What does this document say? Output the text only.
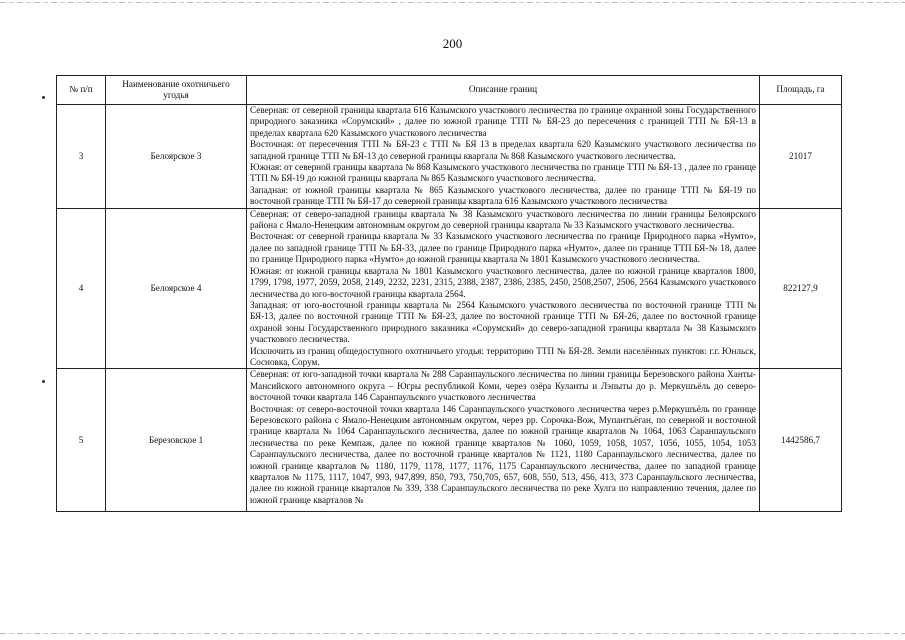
200
№ п/п	Наименование охотничьего угодья	Описание границ	Площадь, га
3	Белоярское 3	Северная: от северной границы квартала 616 Казымского участкового лесничества по границе охранной зоны Государственного природного заказника «Сорумский» , далее по южной границе ТТП № БЯ-23 до пересечения с границей ТТП № БЯ-13 в пределах квартала 620 Казымского участкового лесничества

Восточная: от пересечения ТТП № БЯ-23 с ТТП № БЯ 13 в пределах квартала 620 Казымского участкового лесничества по западной границе ТТП № БЯ-13 до северной границы квартала № 868 Казымского участкового лесничества.

Южная: от северной границы квартала № 868 Казымского участкового лесничества по границе ТТП № БЯ-13 , далее по границе ТТП № БЯ-19 до южной границы квартала № 865 Казымского участкового лесничества.

Западная: от южной границы квартала № 865 Казымского участкового лесничества, далее по границе ТТП № БЯ-19 по восточной границе ТТП № БЯ-17 до северной границы квартала 616 Казымского участкового лесничества	21017
4	Белоярское 4	Северная: от северо-западной границы квартала № 38 Казымского участкового лесничества по линии границы Белоярского района с Ямало-Ненецким автономным округом до северной границы квартала № 33 Казымского участкового лесничества.

Восточная: от северной границы квартала № 33 Казымского участкового лесничества по границе Природного парка «Нумто», далее по западной границе ТТП № БЯ-33, далее по границе Природного парка «Нумто», далее по границе ТТП БЯ-№ 18, далее по границе Природного парка «Нумто» до южной границы квартала № 1801 Казымского участкового лесничества.

Южная: от южной границы квартала № 1801 Казымского участкового лесничества, далее по южной границе кварталов 1800, 1799, 1798, 1977, 2059, 2058, 2149, 2232, 2231, 2315, 2388, 2387, 2386, 2385, 2450, 2508,2507, 2506, 2564 Казымского участкового лесничества до юго-восточной границы квартала 2564.

Западная: от юго-восточной границы квартала № 2564 Казымского участкового лесничества по восточной границе ТТП № БЯ-13, далее по восточной границе ТТП № БЯ-23, далее по восточной границе ТТП № БЯ-26, далее по восточной границе охраной зоны Государственного природного заказника «Сорумский» до северо-западной границы квартала № 38 Казымского участкового лесничества.

Исключить из границ общедоступного охотничьего угодья: территорию ТТП № БЯ-28. Земли населённых пунктов: г.г. Юнльск, Сосновка, Сорум.	822127,9
5	Березовское 1	Северная: от юго-западной точки квартала № 288 Саранпаульского лесничества по линии границы Березовского района Ханты-Мансийского автономного округа – Югры республикой Коми, через озёра Куланты и Лэпыты до р. Меркушъёль до северо-восточной точки квартала 146 Саранпаульского участкового лесничества

Восточная: от северо-восточной точки квартала 146 Саранпаульского участкового лесничества через р.Меркушъёль по границе Березовского района с Ямало-Ненецким автономным округом, через рр. Сорочка-Вож, Мупантъёган, по северной и восточной границе квартала № 1064 Саранпаульского лесничества, далее по южной границе кварталов № 1064, 1063 Саранпаульского лесничества по реке Кемпаж, далее по южной границе кварталов № 1060, 1059, 1058, 1057, 1056, 1055, 1054, 1053 Саранпаульского лесничества, далее по восточной границе кварталов № 1121, 1180 Саранпаульского лесничества, далее по южной границе кварталов № 1180, 1179, 1178, 1177, 1176, 1175 Саранпаульского лесничества, далее по западной границе кварталов № 1175, 1117, 1047, 993, 947,899, 850, 793, 750,705, 657, 608, 550, 513, 456, 413, 373 Саранпаульского лесничества, далее по южной границе кварталов № 339, 338 Саранпаульского лесничества по реке Хулга по направлению течения, далее по южной границе кварталов №	1442586,7
